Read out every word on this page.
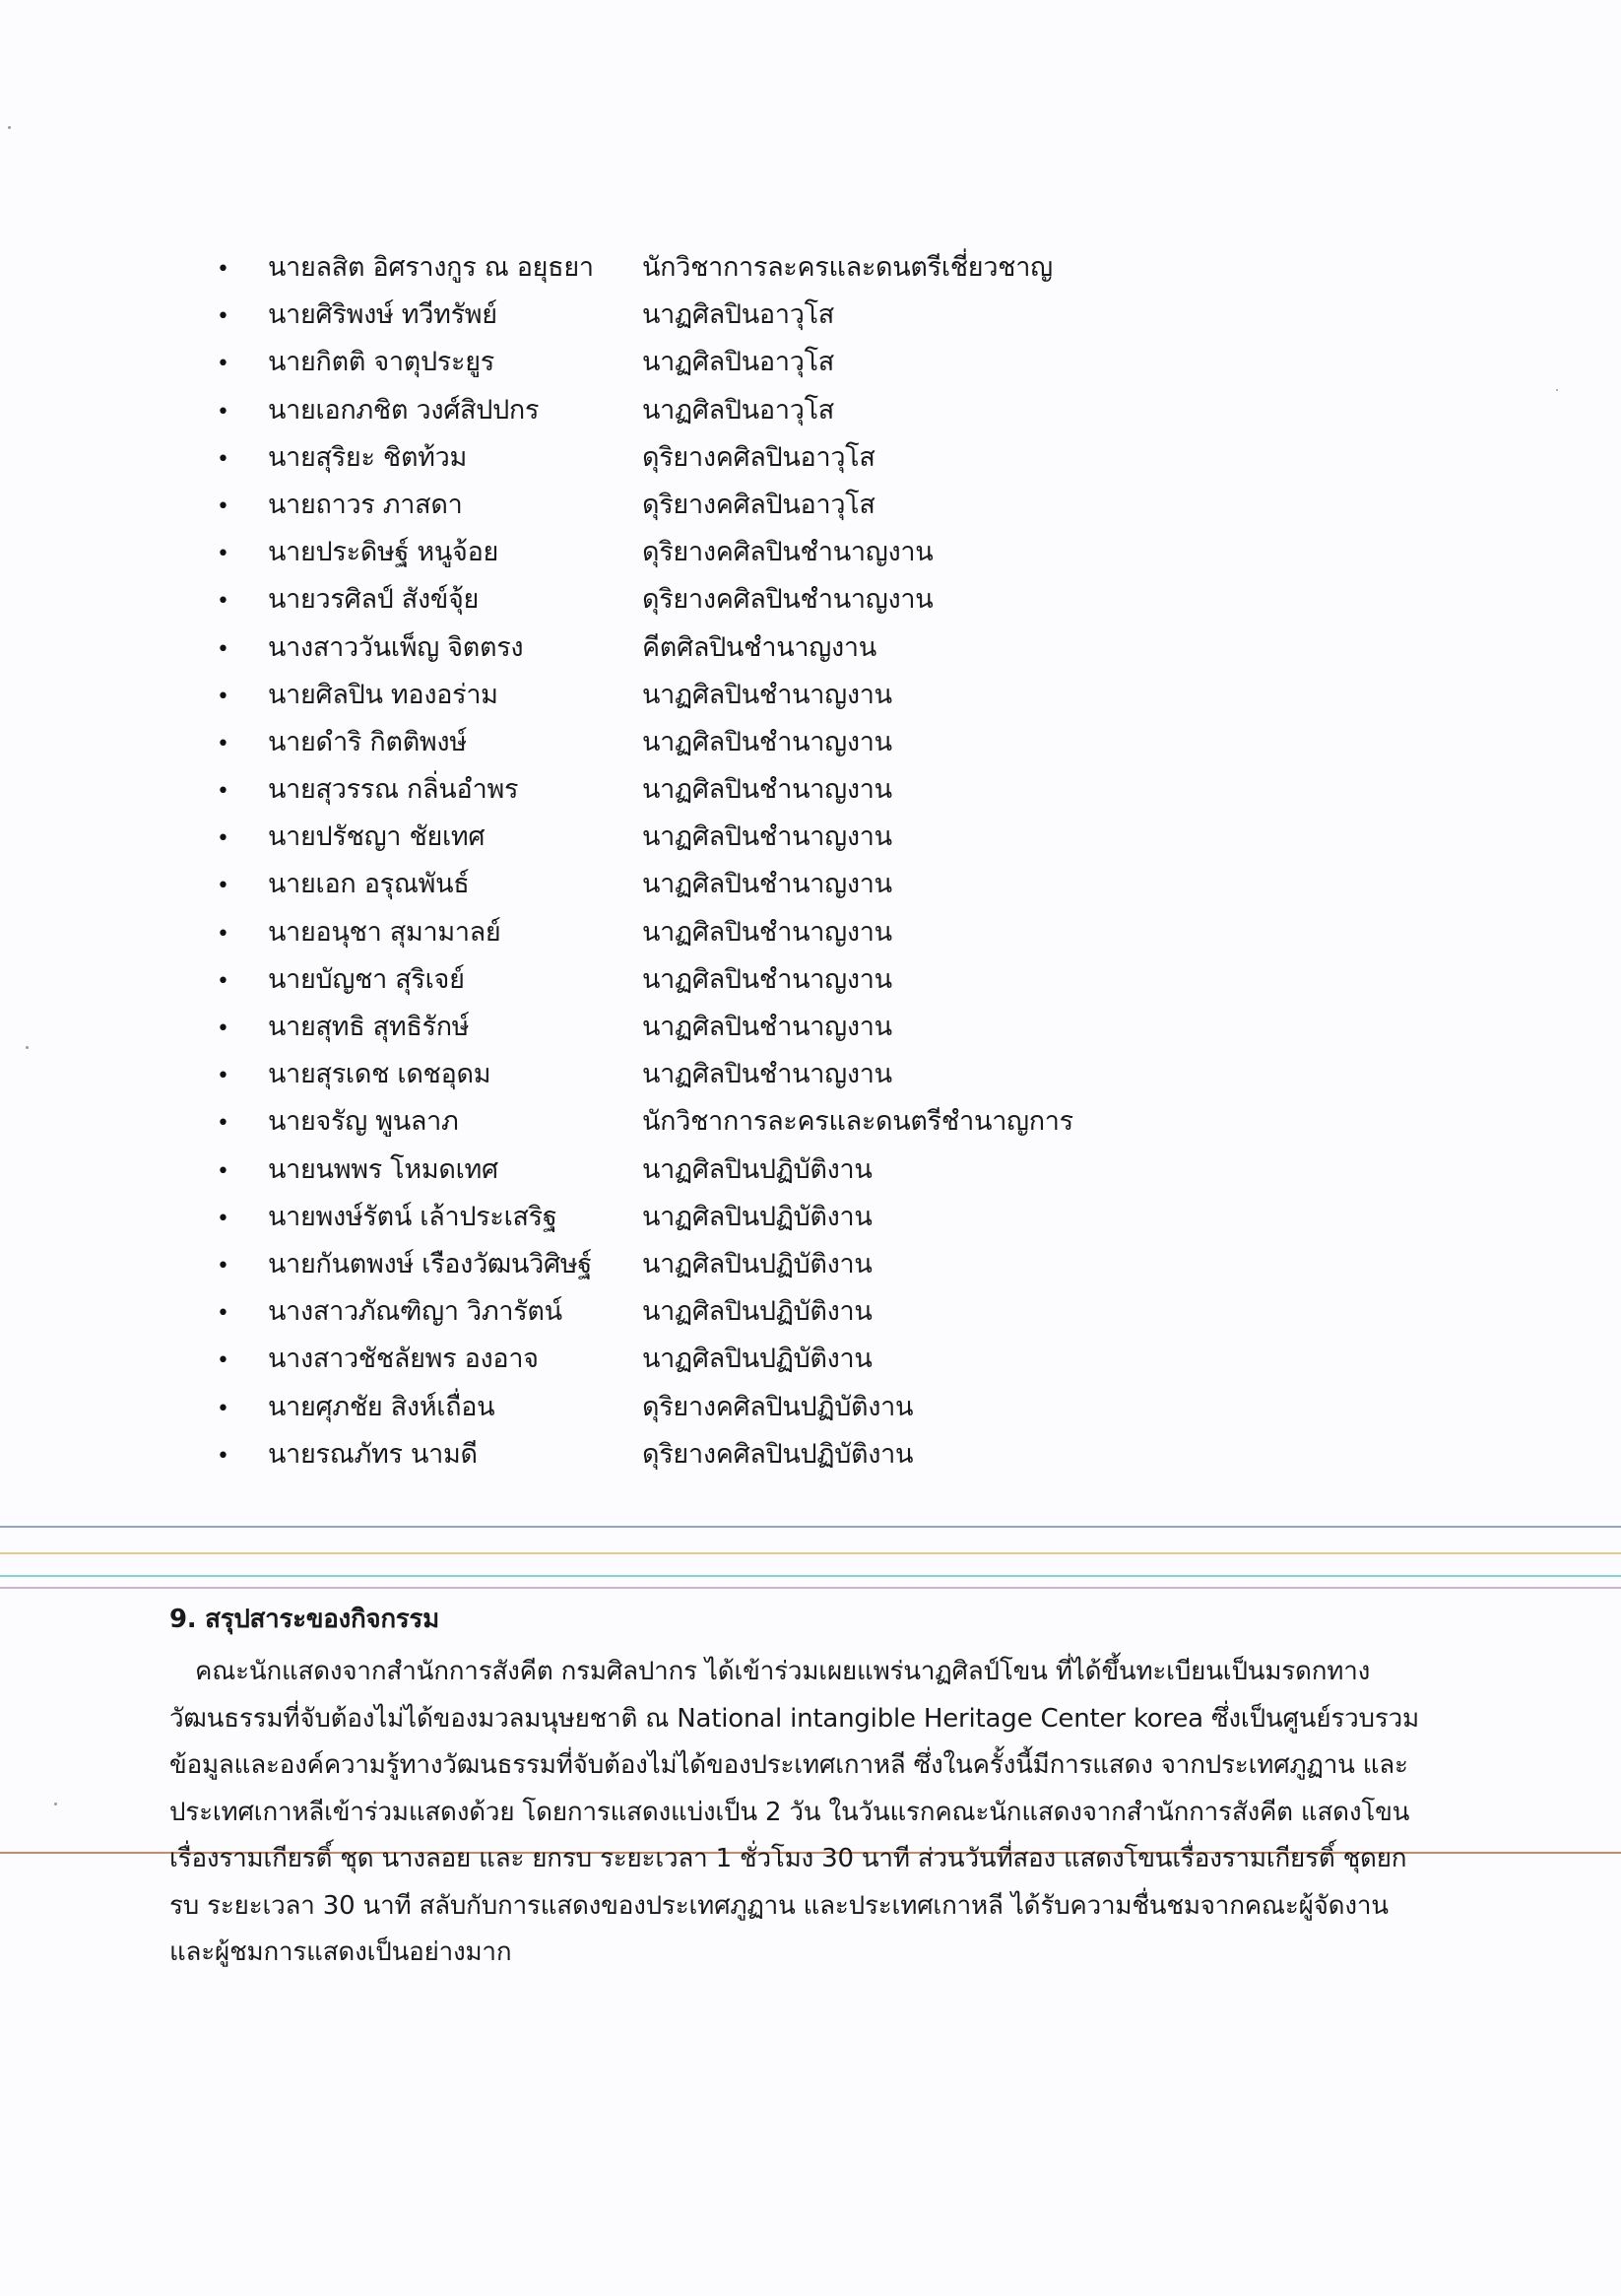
•	นายลสิต อิศรางกูร ณ อยุธยา	นักวิชาการละครและดนตรีเชี่ยวชาญ
•	นายศิริพงษ์ ทวีทรัพย์	นาฏศิลปินอาวุโส
•	นายกิตติ จาตุประยูร	นาฏศิลปินอาวุโส
•	นายเอกภชิต วงศ์สิปปกร	นาฏศิลปินอาวุโส
•	นายสุริยะ ชิตท้วม	ดุริยางคศิลปินอาวุโส
•	นายถาวร ภาสดา	ดุริยางคศิลปินอาวุโส
•	นายประดิษฐ์ หนูจ้อย	ดุริยางคศิลปินชำนาญงาน
•	นายวรศิลป์ สังข์จุ้ย	ดุริยางคศิลปินชำนาญงาน
•	นางสาววันเพ็ญ จิตตรง	คีตศิลปินชำนาญงาน
•	นายศิลปิน ทองอร่าม	นาฏศิลปินชำนาญงาน
•	นายดำริ กิตติพงษ์	นาฏศิลปินชำนาญงาน
•	นายสุวรรณ กลิ่นอำพร	นาฏศิลปินชำนาญงาน
•	นายปรัชญา ชัยเทศ	นาฏศิลปินชำนาญงาน
•	นายเอก อรุณพันธ์	นาฏศิลปินชำนาญงาน
•	นายอนุชา สุมามาลย์	นาฏศิลปินชำนาญงาน
•	นายบัญชา สุริเจย์	นาฏศิลปินชำนาญงาน
•	นายสุทธิ สุทธิรักษ์	นาฏศิลปินชำนาญงาน
•	นายสุรเดช เดชอุดม	นาฏศิลปินชำนาญงาน
•	นายจรัญ พูนลาภ	นักวิชาการละครและดนตรีชำนาญการ
•	นายนพพร โหมดเทศ	นาฏศิลปินปฏิบัติงาน
•	นายพงษ์รัตน์ เล้าประเสริฐ	นาฏศิลปินปฏิบัติงาน
•	นายกันตพงษ์ เรืองวัฒนวิศิษฐ์	นาฏศิลปินปฏิบัติงาน
•	นางสาวภัณฑิญา วิภารัตน์	นาฏศิลปินปฏิบัติงาน
•	นางสาวชัชลัยพร องอาจ	นาฏศิลปินปฏิบัติงาน
•	นายศุภชัย สิงห์เถื่อน	ดุริยางคศิลปินปฏิบัติงาน
•	นายรณภัทร นามดี	ดุริยางคศิลปินปฏิบัติงาน
9. สรุปสาระของกิจกรรม

คณะนักแสดงจากสำนักการสังคีต กรมศิลปากร ได้เข้าร่วมเผยแพร่นาฏศิลป์โขน ที่ได้ขึ้นทะเบียนเป็นมรดกทาง
วัฒนธรรมที่จับต้องไม่ได้ของมวลมนุษยชาติ ณ National intangible Heritage Center korea ซึ่งเป็นศูนย์รวบรวม
ข้อมูลและองค์ความรู้ทางวัฒนธรรมที่จับต้องไม่ได้ของประเทศเกาหลี ซึ่งในครั้งนี้มีการแสดง จากประเทศภูฏาน และ
ประเทศเกาหลีเข้าร่วมแสดงด้วย โดยการแสดงแบ่งเป็น 2 วัน ในวันแรกคณะนักแสดงจากสำนักการสังคีต แสดงโขน
เรื่องรามเกียรติ์ ชุด นางลอย และ ยกรบ ระยะเวลา 1 ชั่วโมง 30 นาที ส่วนวันที่สอง แสดงโขนเรื่องรามเกียรติ์ ชุดยก
รบ ระยะเวลา 30 นาที สลับกับการแสดงของประเทศภูฏาน และประเทศเกาหลี ได้รับความชื่นชมจากคณะผู้จัดงาน
และผู้ชมการแสดงเป็นอย่างมาก
